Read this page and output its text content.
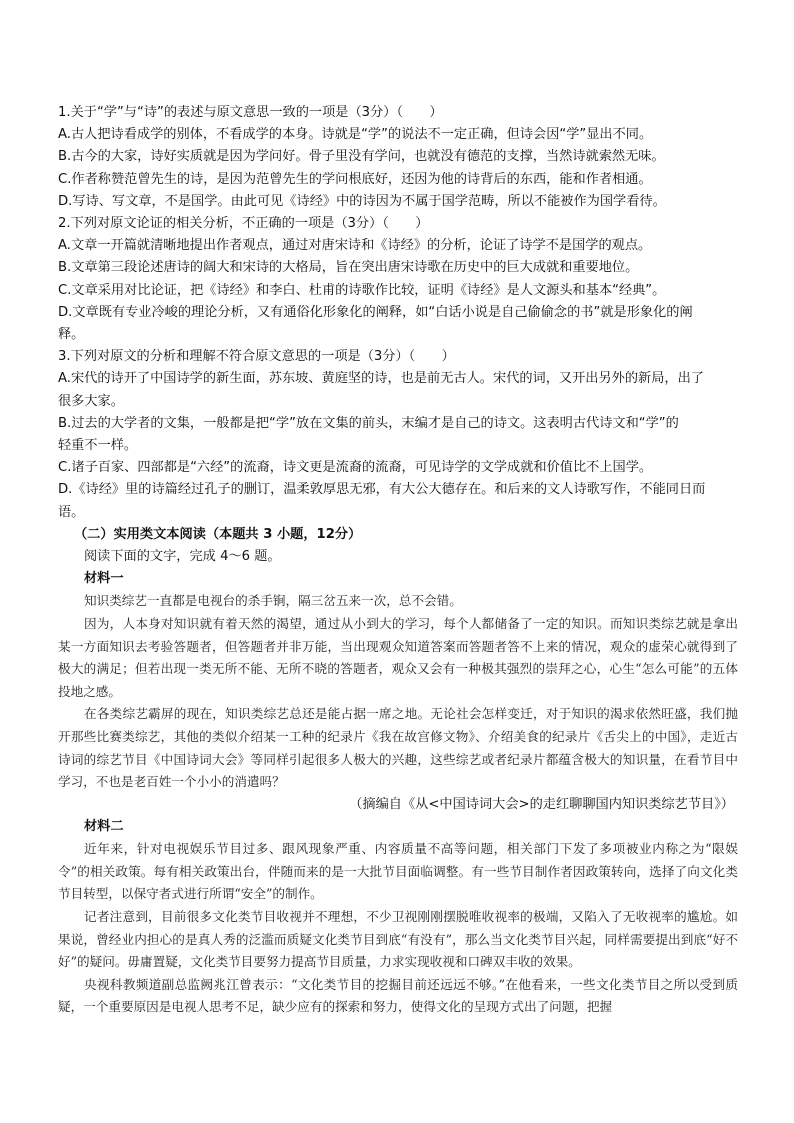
1.关于“学”与“诗”的表述与原文意思一致的一项是（3分）（　　）
A.古人把诗看成学的别体，不看成学的本身。诗就是“学”的说法不一定正确，但诗会因“学”显出不同。
B.古今的大家，诗好实质就是因为学问好。骨子里没有学问，也就没有德范的支撑，当然诗就索然无味。
C.作者称赞范曾先生的诗，是因为范曾先生的学问根底好，还因为他的诗背后的东西，能和作者相通。
D.写诗、写文章，不是国学。由此可见《诗经》中的诗因为不属于国学范畴，所以不能被作为国学看待。
2.下列对原文论证的相关分析，不正确的一项是（3分）（　　）
A.文章一开篇就清晰地提出作者观点，通过对唐宋诗和《诗经》的分析，论证了诗学不是国学的观点。
B.文章第三段论述唐诗的阔大和宋诗的大格局，旨在突出唐宋诗歌在历史中的巨大成就和重要地位。
C.文章采用对比论证，把《诗经》和李白、杜甫的诗歌作比较，证明《诗经》是人文源头和基本“经典”。
D.文章既有专业冷峻的理论分析，又有通俗化形象化的阐释，如“白话小说是自己偷偷念的书”就是形象化的阐
释。
3.下列对原文的分析和理解不符合原文意思的一项是（3分）（　　）
A.宋代的诗开了中国诗学的新生面，苏东坡、黄庭坚的诗，也是前无古人。宋代的词，又开出另外的新局，出了
很多大家。
B.过去的大学者的文集，一般都是把“学”放在文集的前头，末编才是自己的诗文。这表明古代诗文和“学”的
轻重不一样。
C.诸子百家、四部都是“六经”的流裔，诗文更是流裔的流裔，可见诗学的文学成就和价值比不上国学。
D.《诗经》里的诗篇经过孔子的删订，温柔敦厚思无邪，有大公大德存在。和后来的文人诗歌写作，不能同日而
语。
（二）实用类文本阅读（本题共 3 小题，12分）
阅读下面的文字，完成 4～6 题。
材料一

知识类综艺一直都是电视台的杀手锏，隔三岔五来一次，总不会错。

因为，人本身对知识就有着天然的渴望，通过从小到大的学习，每个人都储备了一定的知识。而知识类综艺就是拿出某一方面知识去考验答题者，但答题者并非万能，当出现观众知道答案而答题者答不上来的情况，观众的虚荣心就得到了极大的满足；但若出现一类无所不能、无所不晓的答题者，观众又会有一种极其强烈的崇拜之心，心生“怎么可能”的五体投地之感。

在各类综艺霸屏的现在，知识类综艺总还是能占据一席之地。无论社会怎样变迁，对于知识的渴求依然旺盛，我们抛开那些比赛类综艺，其他的类似介绍某一工种的纪录片《我在故宫修文物》、介绍美食的纪录片《舌尖上的中国》，走近古诗词的综艺节目《中国诗词大会》等同样引起很多人极大的兴趣，这些综艺或者纪录片都蕴含极大的知识量，在看节目中学习，不也是老百姓一个小小的消遣吗？

（摘编自《从<中国诗词大会>的走红聊聊国内知识类综艺节目》）
材料二

近年来，针对电视娱乐节目过多、跟风现象严重、内容质量不高等问题，相关部门下发了多项被业内称之为“限娱令”的相关政策。每有相关政策出台，伴随而来的是一大批节目面临调整。有一些节目制作者因政策转向，选择了向文化类节目转型，以保守者式进行所谓“安全”的制作。

记者注意到，目前很多文化类节目收视并不理想，不少卫视刚刚摆脱唯收视率的极端，又陷入了无收视率的尴尬。如果说，曾经业内担心的是真人秀的泛滥而质疑文化类节目到底“有没有”，那么当文化类节目兴起，同样需要提出到底“好不好”的疑问。毋庸置疑，文化类节目要努力提高节目质量，力求实现收视和口碑双丰收的效果。

央视科教频道副总监阙兆江曾表示：“文化类节目的挖掘目前还远远不够。”在他看来，一些文化类节目之所以受到质疑，一个重要原因是电视人思考不足，缺少应有的探索和努力，使得文化的呈现方式出了问题，把握
